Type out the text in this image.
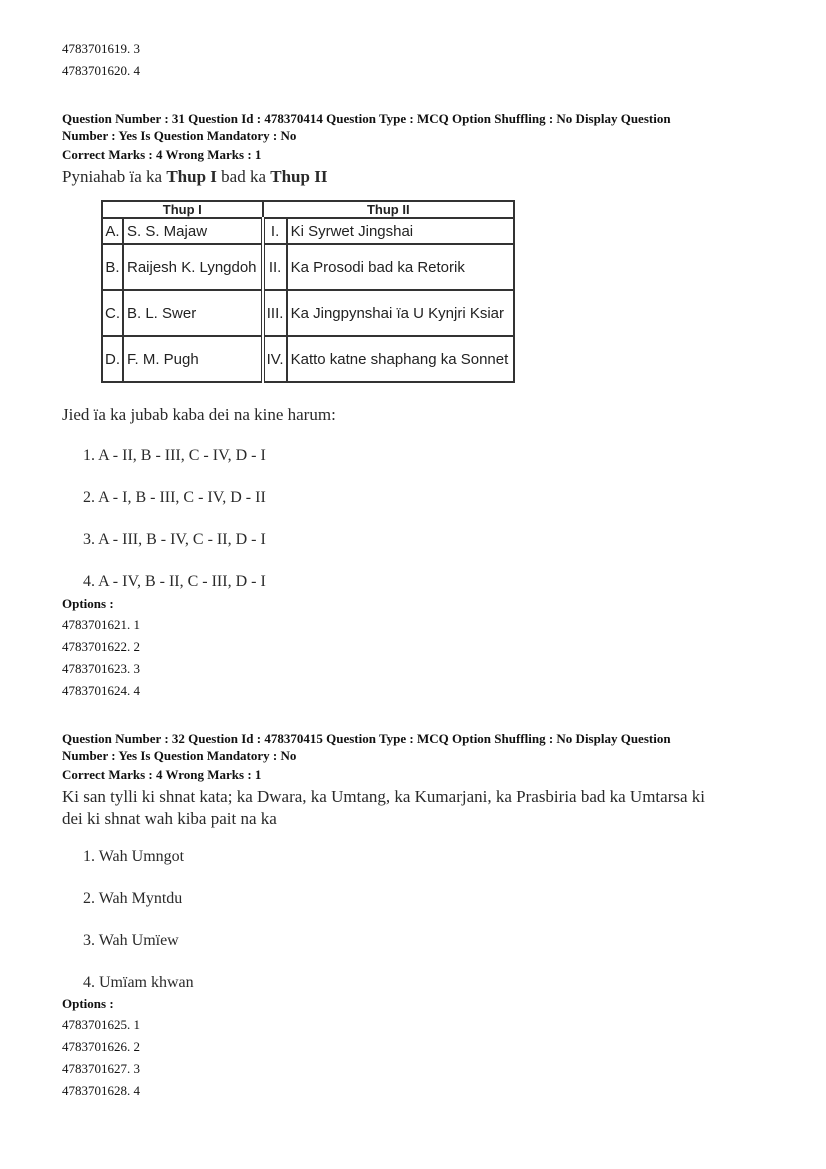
4783701619. 3
4783701620. 4
Question Number : 31 Question Id : 478370414 Question Type : MCQ Option Shuffling : No Display Question
Number : Yes Is Question Mandatory : No
Correct Marks : 4 Wrong Marks : 1
Pyniahab ïa ka Thup I bad ka Thup II
Thup I		Thup II	
A.	S. S. Majaw	I.	Ki Syrwet Jingshai
B.	Raijesh K. Lyngdoh	II.	Ka Prosodi bad ka Retorik
C.	B. L. Swer	III.	Ka Jingpynshai ïa U Kynjri Ksiar
D.	F. M. Pugh	IV.	Katto katne shaphang ka Sonnet
Jied ïa ka jubab kaba dei na kine harum:
1. A - II, B - III, C - IV, D - I
2. A - I, B - III, C - IV, D - II
3. A - III, B - IV, C - II, D - I
4. A - IV, B - II, C - III, D - I
Options :
4783701621. 1
4783701622. 2
4783701623. 3
4783701624. 4
Question Number : 32 Question Id : 478370415 Question Type : MCQ Option Shuffling : No Display Question
Number : Yes Is Question Mandatory : No
Correct Marks : 4 Wrong Marks : 1
Ki san tylli ki shnat kata; ka Dwara, ka Umtang, ka Kumarjani, ka Prasbiria bad ka Umtarsa ki
dei ki shnat wah kiba pait na ka
1. Wah Umngot
2. Wah Myntdu
3. Wah Umïew
4. Umïam khwan
Options :
4783701625. 1
4783701626. 2
4783701627. 3
4783701628. 4
